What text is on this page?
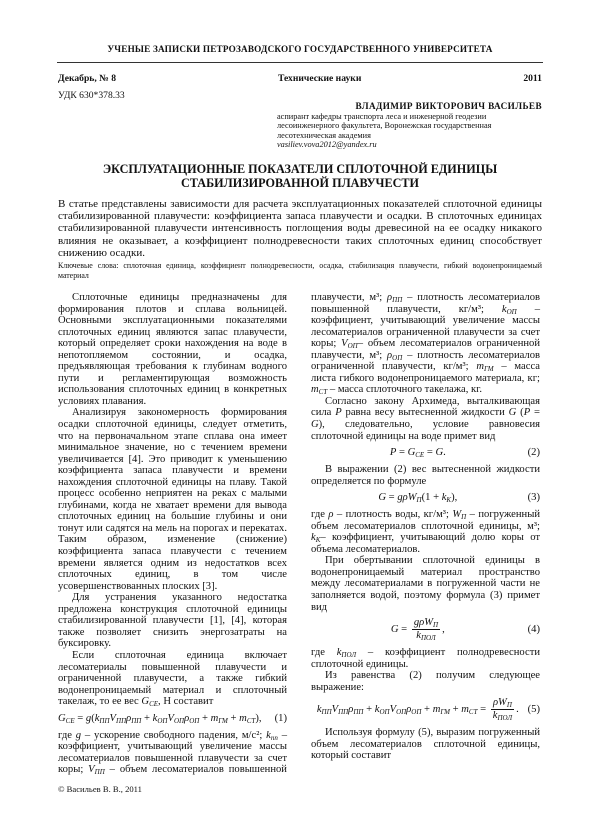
УЧЕНЫЕ ЗАПИСКИ ПЕТРОЗАВОДСКОГО ГОСУДАРСТВЕННОГО УНИВЕРСИТЕТА
Декабрь, № 8	Технические науки	2011
УДК 630*378.33
ВЛАДИМИР ВИКТОРОВИЧ ВАСИЛЬЕВ
аспирант кафедры транспорта леса и инженерной геодезии лесоинженерного факультета, Воронежская государственная лесотехническая академия
vasiliev.vova2012@yandex.ru
ЭКСПЛУАТАЦИОННЫЕ ПОКАЗАТЕЛИ СПЛОТОЧНОЙ ЕДИНИЦЫ
СТАБИЛИЗИРОВАННОЙ ПЛАВУЧЕСТИ
В статье представлены зависимости для расчета эксплуатационных показателей сплоточной единицы стабилизированной плавучести: коэффициента запаса плавучести и осадки. В сплоточных единицах стабилизированной плавучести интенсивность поглощения воды древесиной на ее осадку никакого влияния не оказывает, а коэффициент полнодревесности таких сплоточных единиц способствует снижению осадки.
Ключевые слова: сплоточная единица, коэффициент полнодревесности, осадка, стабилизация плавучести, гибкий водонепроницаемый материал

Сплоточные единицы предназначены для формирования плотов и сплава вольницей. Основными эксплуатационными показателями сплоточных единиц являются запас плавучести, который определяет сроки нахождения на воде в непотопляемом состоянии, и осадка, предъявляющая требования к глубинам водного пути и регламентирующая возможность использования сплоточных единиц в конкретных условиях плавания.

Анализируя закономерность формирования осадки сплоточной единицы, следует отметить, что на первоначальном этапе сплава она имеет минимальное значение, но с течением времени увеличивается [4]. Это приводит к уменьшению коэффициента запаса плавучести и времени нахождения сплоточной единицы на плаву. Такой процесс особенно неприятен на реках с малыми глубинами, когда не хватает времени для вывода сплоточных единиц на большие глубины и они тонут или садятся на мель на порогах и перекатах. Таким образом, изменение (снижение) коэффициента запаса плавучести с течением времени является одним из недостатков всех сплоточных единиц, в том числе усовершенствованных плоских [3].

Для устранения указанного недостатка предложена конструкция сплоточной единицы стабилизированной плавучести [1], [4], которая также позволяет снизить энергозатраты на буксировку.

Если сплоточная единица включает лесоматериалы повышенной плавучести и ограниченной плавучести, а также гибкий водонепроницаемый материал и сплоточный такелаж, то ее вес $G_{CE}$, Н составит

$G_{CE} = g(k_{ПП}V_{ПП}\rho_{ПП} + k_{ОП}V_{ОП}\rho_{ОП} + m_{ГМ} + m_{СТ})$,	(1)

где g – ускорение свободного падения, м/с²; $k_{пп}$ – коэффициент, учитывающий увеличение массы лесоматериалов повышенной плавучести за счет коры; $V_{ПП}$ – объем лесоматериалов повышенной

© Васильев В. В., 2011

плавучести, м³; $\rho_{ПП}$ – плотность лесоматериалов повышенной плавучести, кг/м³; $k_{ОП}$ – коэффициент, учитывающий увеличение массы лесоматериалов ограниченной плавучести за счет коры; $V_{ОП}-$ объем лесоматериалов ограниченной плавучести, м³; $\rho_{ОП}$ – плотность лесоматериалов ограниченной плавучести, кг/м³; $m_{ГМ}$ – масса листа гибкого водонепроницаемого материала, кг; $m_{СТ}$ – масса сплоточного такелажа, кг.

Согласно закону Архимеда, выталкивающая сила P равна весу вытесненной жидкости G (P = G), следовательно, условие равновесия сплоточной единицы на воде примет вид

$P = G_{CE} = G$.	(2)

В выражении (2) вес вытесненной жидкости определяется по формуле

$G = g\rho W_П(1 + k_К)$,	(3)

где ρ – плотность воды, кг/м³; $W_П$ – погруженный объем лесоматериалов сплоточной единицы, м³; $k_К-$ коэффициент, учитывающий долю коры от объема лесоматериалов.

При обертывании сплоточной единицы в водонепроницаемый материал пространство между лесоматериалами в погруженной части не заполняется водой, поэтому формула (3) примет вид

$G = \frac{g\rho W_П}{k_{ПОЛ}}$ ,	(4)

где $k_{ПОЛ}$ – коэффициент полнодревесности сплоточной единицы.

Из равенства (2) получим следующее выражение:

$k_{ПП}V_{ПП}\rho_{ПП} + k_{ОП}V_{ОП}\rho_{ОП} + m_{ГМ} + m_{СТ} = \frac{\rho W_П}{k_{ПОЛ}}$ . (5)

Используя формулу (5), выразим погруженный объем лесоматериалов сплоточной единицы, который составит
